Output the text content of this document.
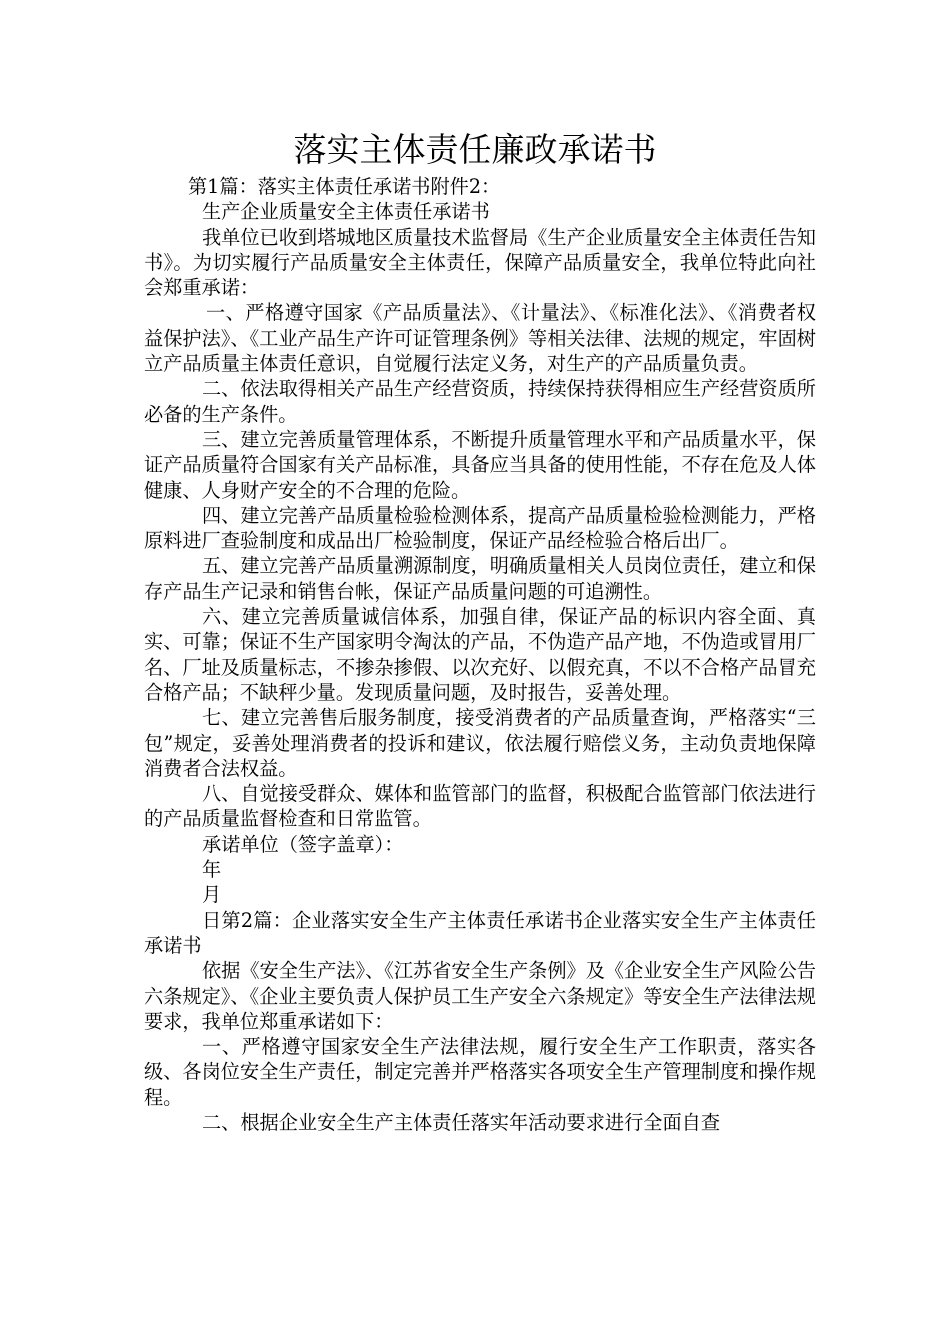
落实主体责任廉政承诺书

第1篇：落实主体责任承诺书附件2：

生产企业质量安全主体责任承诺书

我单位已收到塔城地区质量技术监督局《生产企业质量安全主体责任告知书》。为切实履行产品质量安全主体责任，保障产品质量安全，我单位特此向社会郑重承诺：

一、严格遵守国家《产品质量法》、《计量法》、《标准化法》、《消费者权益保护法》、《工业产品生产许可证管理条例》等相关法律、法规的规定，牢固树立产品质量主体责任意识，自觉履行法定义务，对生产的产品质量负责。

二、依法取得相关产品生产经营资质，持续保持获得相应生产经营资质所必备的生产条件。

三、建立完善质量管理体系，不断提升质量管理水平和产品质量水平，保证产品质量符合国家有关产品标准，具备应当具备的使用性能，不存在危及人体健康、人身财产安全的不合理的危险。

四、建立完善产品质量检验检测体系，提高产品质量检验检测能力，严格原料进厂查验制度和成品出厂检验制度，保证产品经检验合格后出厂。

五、建立完善产品质量溯源制度，明确质量相关人员岗位责任，建立和保存产品生产记录和销售台帐，保证产品质量问题的可追溯性。

六、建立完善质量诚信体系，加强自律，保证产品的标识内容全面、真实、可靠；保证不生产国家明令淘汰的产品，不伪造产品产地，不伪造或冒用厂名、厂址及质量标志，不掺杂掺假、以次充好、以假充真，不以不合格产品冒充合格产品；不缺秤少量。发现质量问题，及时报告，妥善处理。

七、建立完善售后服务制度，接受消费者的产品质量查询，严格落实“三包”规定，妥善处理消费者的投诉和建议，依法履行赔偿义务，主动负责地保障消费者合法权益。

八、自觉接受群众、媒体和监管部门的监督，积极配合监管部门依法进行的产品质量监督检查和日常监管。

承诺单位（签字盖章）：

年

月

日第2篇：企业落实安全生产主体责任承诺书企业落实安全生产主体责任承诺书

依据《安全生产法》、《江苏省安全生产条例》及《企业安全生产风险公告六条规定》、《企业主要负责人保护员工生产安全六条规定》等安全生产法律法规要求，我单位郑重承诺如下：

一、严格遵守国家安全生产法律法规，履行安全生产工作职责，落实各级、各岗位安全生产责任，制定完善并严格落实各项安全生产管理制度和操作规程。

二、根据企业安全生产主体责任落实年活动要求进行全面自查
